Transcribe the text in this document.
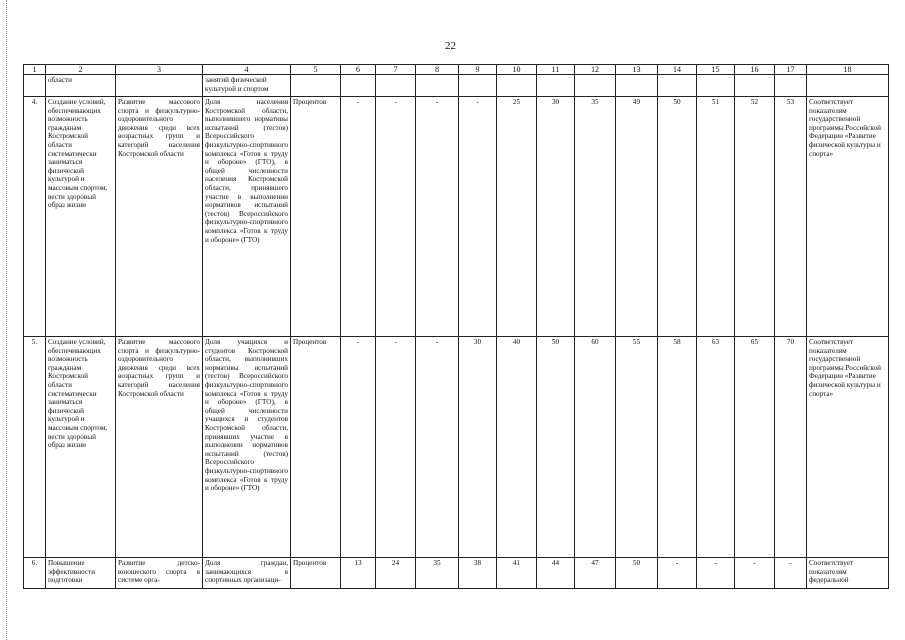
22
1	2	3	4	5	6	7	8	9	10	11	12	13	14	15	16	17	18
	области		занятий физической культурой и спортом														
4.	Создание условий, обеспечивающих возможность гражданам Костромской области систематически заниматься физической культурой и массовым спортом, вести здоровый образ жизни	Развитие массового спорта и физкультурно-оздоровительного движения среди всех возрастных групп и категорий населения Костромской области	Доля населения Костромской области, выполнившего нормативы испытаний (тестов) Всероссийского физкультурно-спортивного комплекса «Готов к труду и обороне» (ГТО), в общей численности населения Костромской области, принявшего участие в выполнении нормативов испытаний (тестов) Всероссийского физкультурно-спортивного комплекса «Готов к труду и обороне» (ГТО)	Процентов	-	-	-	-	25	30	35	49	50	51	52	53	Соответствует показателям государственной программы Российской Федерации «Развитие физической культуры и спорта»
5.	Создание условий, обеспечивающих возможность гражданам Костромской области систематически заниматься физической культурой и массовым спортом, вести здоровый образ жизни	Развитие массового спорта и физкультурно-оздоровительного движения среди всех возрастных групп и категорий населения Костромской области	Доля учащихся и студентов Костромской области, выполнивших нормативы испытаний (тестов) Всероссийского физкультурно-спортивного комплекса «Готов к труду и обороне» (ГТО), в общей численности учащихся и студентов Костромской области, принявших участие в выполнении нормативов испытаний (тестов) Всероссийского физкультурно-спортивного комплекса «Готов к труду и обороне» (ГТО)	Процентов	-	-	-	30	40	50	60	55	58	63	65	70	Соответствует показателям государственной программы Российской Федерации «Развитие физической культуры и спорта»
6.	Повышение эффективности подготовки	Развитие детско-юношеского спорта в системе орга-	Доля граждан, занимающихся в спортивных организаци-	Процентов	13	24	35	38	41	44	47	50	-	-	-	-	Соответствует показателям федеральной
